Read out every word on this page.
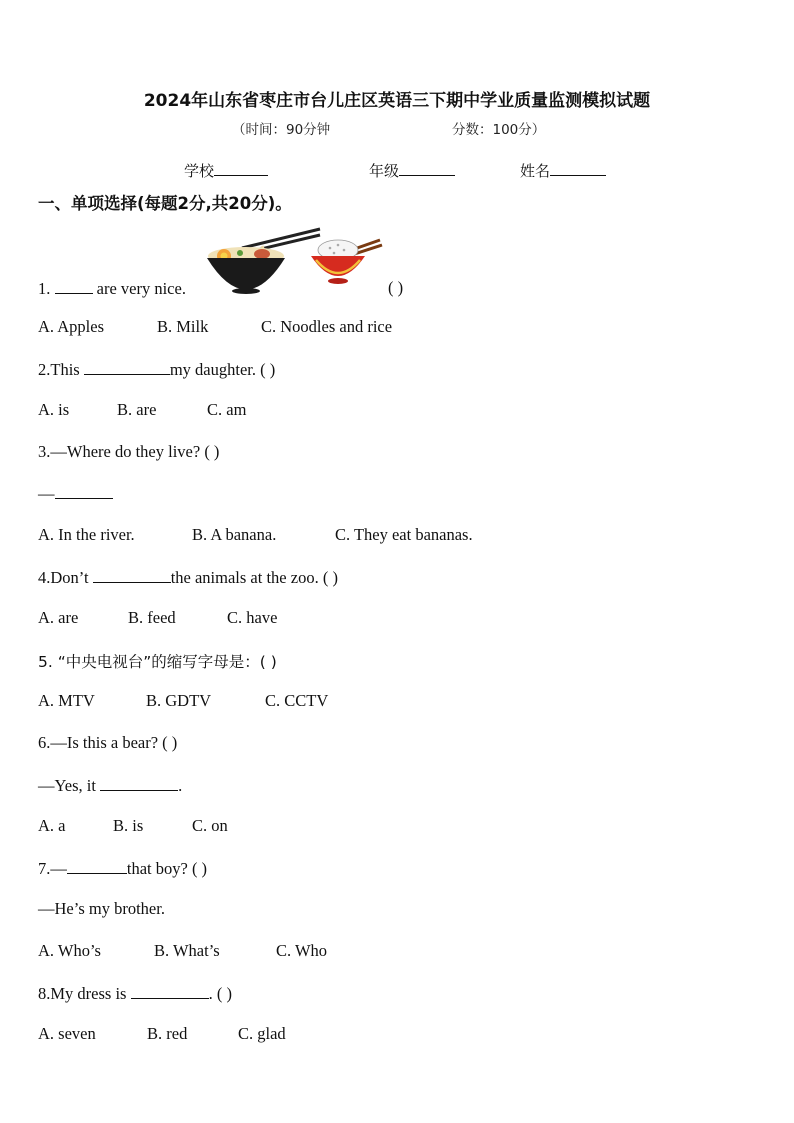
2024年山东省枣庄市台儿庄区英语三下期中学业质量监测模拟试题
（时间：90分钟	分数：100分）
学校	年级	姓名
一、单项选择(每题2分,共20分)。
1.  are very nice.	( )
A. Apples	B. Milk	C. Noodles and rice
2.This	my daughter. ( )
A. is	B. are	C. am
3.—Where do they live? ( )
—
A. In the river.	B. A banana.	C. They eat bananas.
4.Don’t	the animals at the zoo. ( )
A. are	B. feed	C. have
5. “中央电视台”的缩写字母是：( )
A. MTV	B. GDTV	C. CCTV
6.—Is this a bear? ( )
—Yes, it	.
A. a	B. is	C. on
7.—	that boy? ( )
—He’s my brother.
A. Who’s	B. What’s	C. Who
8.My dress is	. ( )
A. seven	B. red	C. glad
